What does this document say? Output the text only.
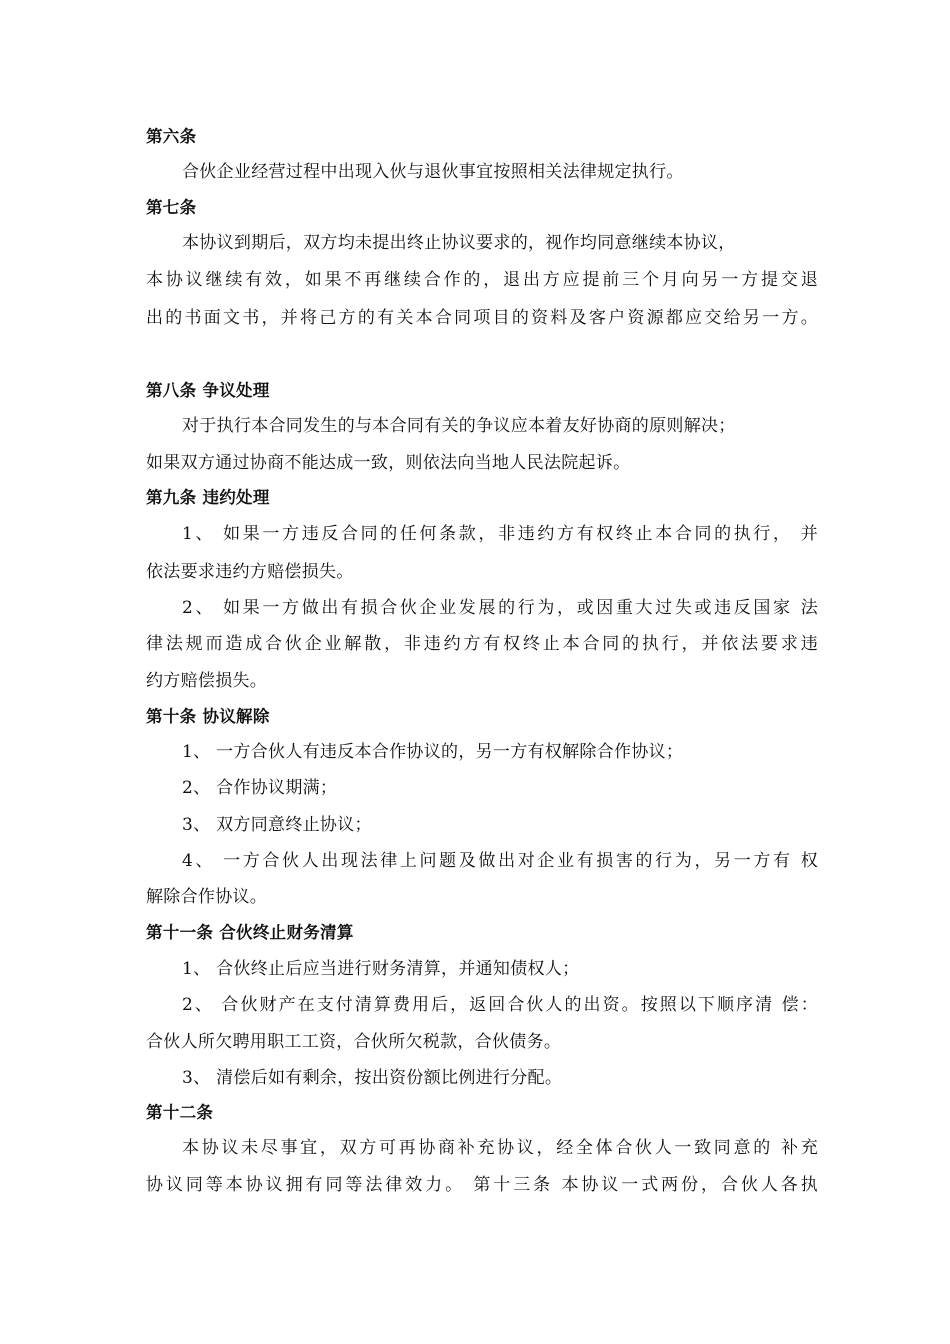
第六条
合伙企业经营过程中出现入伙与退伙事宜按照相关法律规定执行。
第七条
本协议到期后，双方均未提出终止协议要求的，视作均同意继续本协议，
本协议继续有效，如果不再继续合作的，退出方应提前三个月向另一方提交退
出的书面文书，并将己方的有关本合同项目的资料及客户资源都应交给另一方。
第八条 争议处理
对于执行本合同发生的与本合同有关的争议应本着友好协商的原则解决；
如果双方通过协商不能达成一致，则依法向当地人民法院起诉。
第九条 违约处理
1、 如果一方违反合同的任何条款，非违约方有权终止本合同的执行， 并
依法要求违约方赔偿损失。
2、 如果一方做出有损合伙企业发展的行为，或因重大过失或违反国家 法
律法规而造成合伙企业解散，非违约方有权终止本合同的执行，并依法要求违
约方赔偿损失。
第十条 协议解除
1、 一方合伙人有违反本合作协议的，另一方有权解除合作协议；
2、 合作协议期满；
3、 双方同意终止协议；
4、 一方合伙人出现法律上问题及做出对企业有损害的行为，另一方有 权
解除合作协议。
第十一条 合伙终止财务清算
1、 合伙终止后应当进行财务清算，并通知债权人；
2、 合伙财产在支付清算费用后，返回合伙人的出资。按照以下顺序清 偿：
合伙人所欠聘用职工工资，合伙所欠税款，合伙债务。
3、 清偿后如有剩余，按出资份额比例进行分配。
第十二条
本协议未尽事宜，双方可再协商补充协议，经全体合伙人一致同意的 补充
协议同等本协议拥有同等法律效力。 第十三条 本协议一式两份，合伙人各执
